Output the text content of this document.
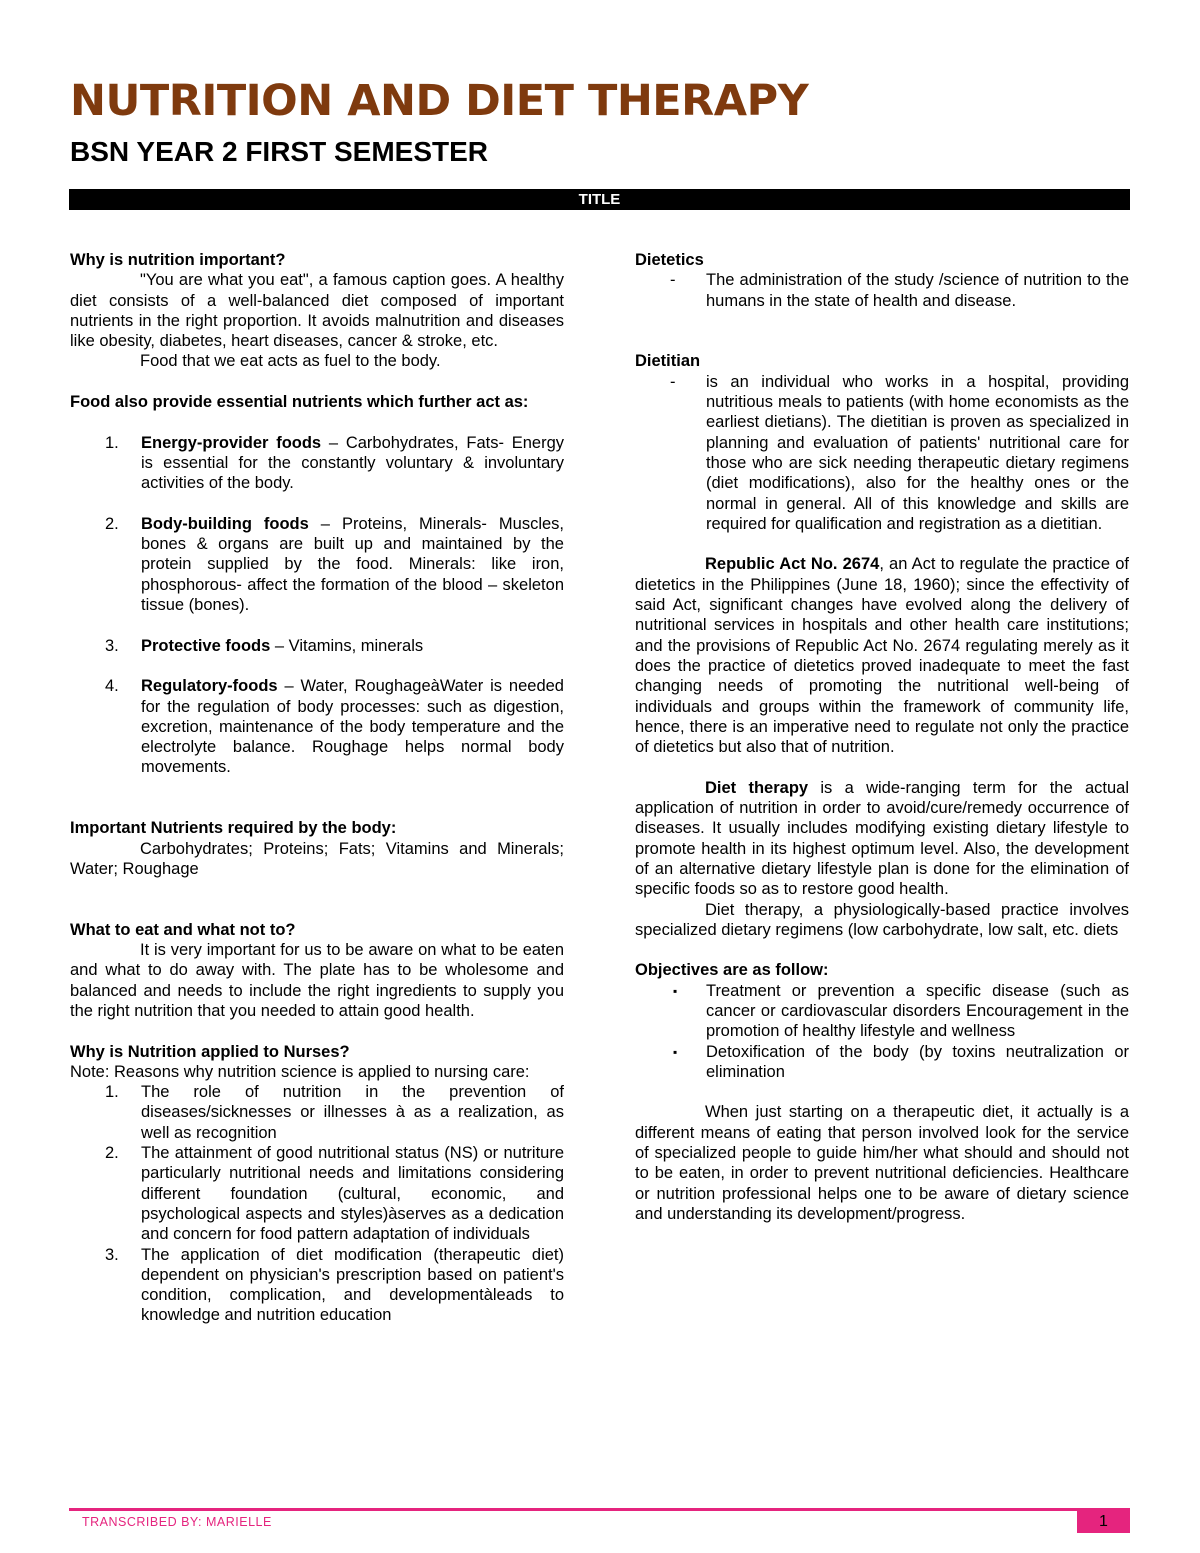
NUTRITION AND DIET THERAPY
BSN YEAR 2 FIRST SEMESTER
TITLE
Why is nutrition important?
"You are what you eat", a famous caption goes. A healthy diet consists of a well-balanced diet composed of important nutrients in the right proportion. It avoids malnutrition and diseases like obesity, diabetes, heart diseases, cancer & stroke, etc.
Food that we eat acts as fuel to the body.
Food also provide essential nutrients which further act as:
1. Energy-provider foods – Carbohydrates, Fats- Energy is essential for the constantly voluntary & involuntary activities of the body.
2. Body-building foods – Proteins, Minerals- Muscles, bones & organs are built up and maintained by the protein supplied by the food. Minerals: like iron, phosphorous- affect the formation of the blood – skeleton tissue (bones).
3. Protective foods – Vitamins, minerals
4. Regulatory-foods – Water, RoughageàWater is needed for the regulation of body processes: such as digestion, excretion, maintenance of the body temperature and the electrolyte balance. Roughage helps normal body movements.
Important Nutrients required by the body:
Carbohydrates; Proteins; Fats; Vitamins and Minerals; Water; Roughage
What to eat and what not to?
It is very important for us to be aware on what to be eaten and what to do away with. The plate has to be wholesome and balanced and needs to include the right ingredients to supply you the right nutrition that you needed to attain good health.
Why is Nutrition applied to Nurses?
Note: Reasons why nutrition science is applied to nursing care:
1. The role of nutrition in the prevention of diseases/sicknesses or illnesses à as a realization, as well as recognition
2. The attainment of good nutritional status (NS) or nutriture particularly nutritional needs and limitations considering different foundation (cultural, economic, and psychological aspects and styles)àserves as a dedication and concern for food pattern adaptation of individuals
3. The application of diet modification (therapeutic diet) dependent on physician's prescription based on patient's condition, complication, and developmentàleads to knowledge and nutrition education
Dietetics
- The administration of the study /science of nutrition to the humans in the state of health and disease.
Dietitian
- is an individual who works in a hospital, providing nutritious meals to patients (with home economists as the earliest dietians). The dietitian is proven as specialized in planning and evaluation of patients' nutritional care for those who are sick needing therapeutic dietary regimens (diet modifications), also for the healthy ones or the normal in general. All of this knowledge and skills are required for qualification and registration as a dietitian.
Republic Act No. 2674, an Act to regulate the practice of dietetics in the Philippines (June 18, 1960); since the effectivity of said Act, significant changes have evolved along the delivery of nutritional services in hospitals and other health care institutions; and the provisions of Republic Act No. 2674 regulating merely as it does the practice of dietetics proved inadequate to meet the fast changing needs of promoting the nutritional well-being of individuals and groups within the framework of community life, hence, there is an imperative need to regulate not only the practice of dietetics but also that of nutrition.
Diet therapy is a wide-ranging term for the actual application of nutrition in order to avoid/cure/remedy occurrence of diseases. It usually includes modifying existing dietary lifestyle to promote health in its highest optimum level. Also, the development of an alternative dietary lifestyle plan is done for the elimination of specific foods so as to restore good health.
Diet therapy, a physiologically-based practice involves specialized dietary regimens (low carbohydrate, low salt, etc. diets
Objectives are as follow:
▪ Treatment or prevention a specific disease (such as cancer or cardiovascular disorders Encouragement in the promotion of healthy lifestyle and wellness
▪ Detoxification of the body (by toxins neutralization or elimination
When just starting on a therapeutic diet, it actually is a different means of eating that person involved look for the service of specialized people to guide him/her what should and should not to be eaten, in order to prevent nutritional deficiencies. Healthcare or nutrition professional helps one to be aware of dietary science and understanding its development/progress.
TRANSCRIBED BY: MARIELLE	1
